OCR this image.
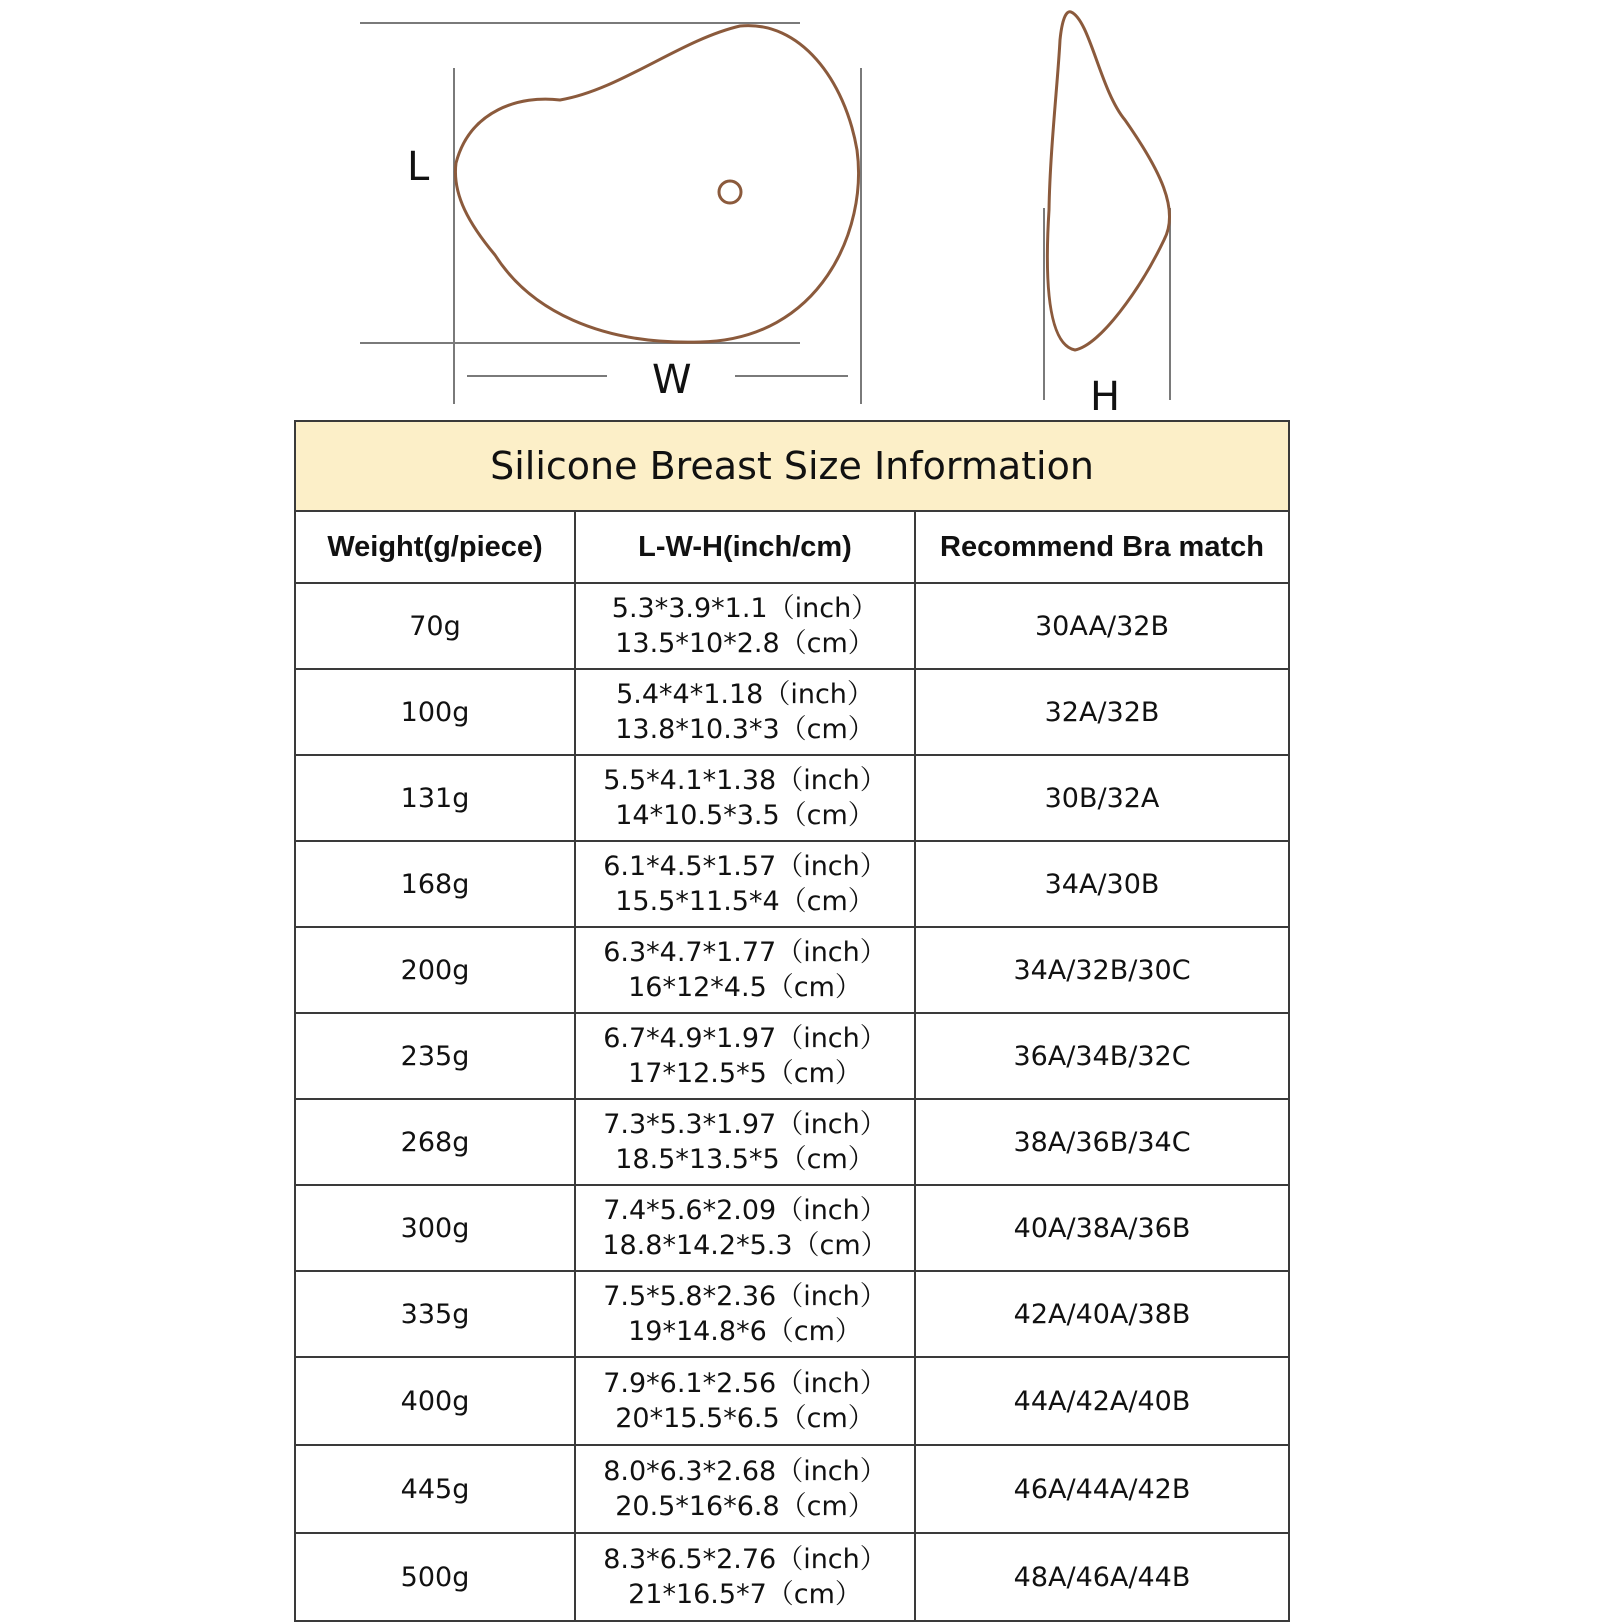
L
W	H
Silicone Breast Size Information		
Weight(g/piece)	L-W-H(inch/cm)	Recommend Bra match
70g	5.3*3.9*1.1（inch）
13.5*10*2.8（cm）	30AA/32B
100g	5.4*4*1.18（inch）
13.8*10.3*3（cm）	32A/32B
131g	5.5*4.1*1.38（inch）
14*10.5*3.5（cm）	30B/32A
168g	6.1*4.5*1.57（inch）
15.5*11.5*4（cm）	34A/30B
200g	6.3*4.7*1.77（inch）
16*12*4.5（cm）	34A/32B/30C
235g	6.7*4.9*1.97（inch）
17*12.5*5（cm）	36A/34B/32C
268g	7.3*5.3*1.97（inch）
18.5*13.5*5（cm）	38A/36B/34C
300g	7.4*5.6*2.09（inch）
18.8*14.2*5.3（cm）	40A/38A/36B
335g	7.5*5.8*2.36（inch）
19*14.8*6（cm）	42A/40A/38B
400g	7.9*6.1*2.56（inch）
20*15.5*6.5（cm）	44A/42A/40B
445g	8.0*6.3*2.68（inch）
20.5*16*6.8（cm）	46A/44A/42B
500g	8.3*6.5*2.76（inch）
21*16.5*7（cm）	48A/46A/44B
